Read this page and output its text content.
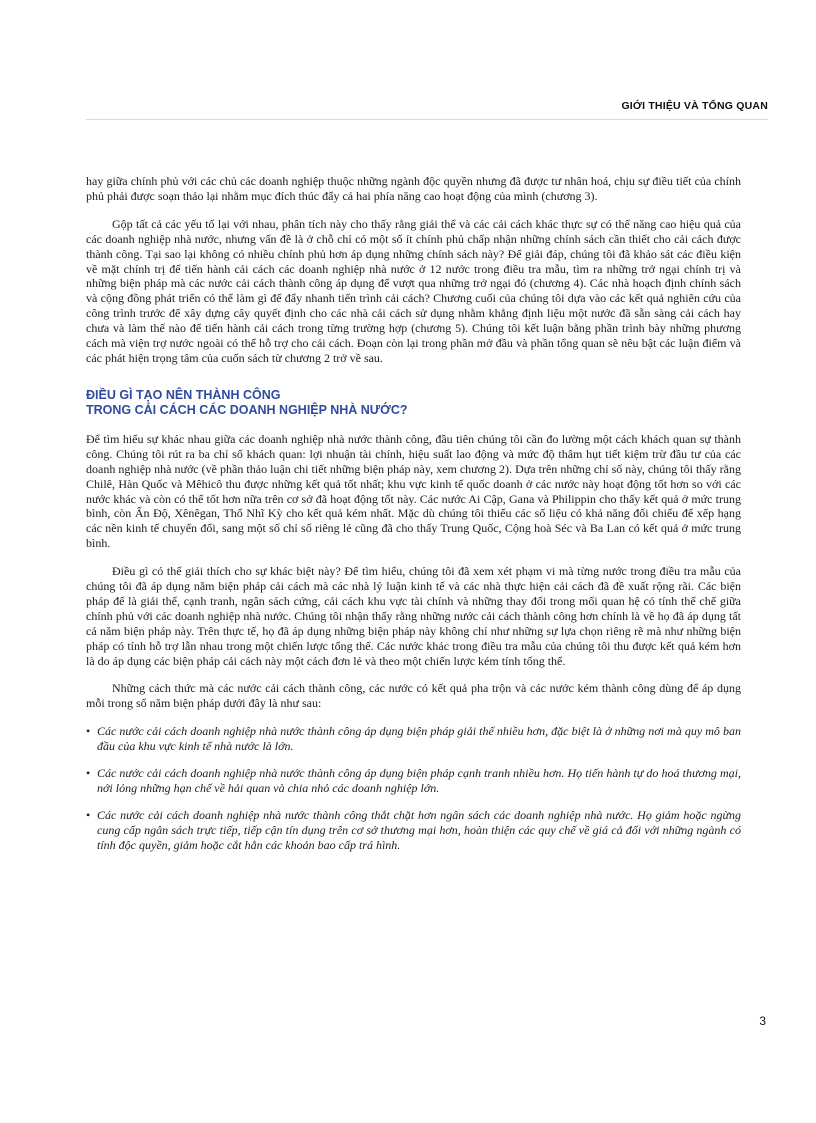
GIỚI THIỆU VÀ TỔNG QUAN

hay giữa chính phủ với các chủ các doanh nghiệp thuộc những ngành độc quyền nhưng đã được tư nhân hoá, chịu sự điều tiết của chính phủ phải được soạn thảo lại nhằm mục đích thúc đẩy cả hai phía năng cao hoạt động của mình (chương 3).

Gộp tất cả các yếu tố lại với nhau, phân tích này cho thấy rằng giải thể và các cải cách khác thực sự có thể năng cao hiệu quả của các doanh nghiệp nhà nước, nhưng vấn đề là ở chỗ chỉ có một số ít chính phủ chấp nhận những chính sách cần thiết cho cải cách được thành công. Tại sao lại không có nhiều chính phủ hơn áp dụng những chính sách này? Để giải đáp, chúng tôi đã khảo sát các điều kiện về mặt chính trị để tiến hành cải cách các doanh nghiệp nhà nước ở 12 nước trong điều tra mẫu, tìm ra những trở ngại chính trị và những biện pháp mà các nước cải cách thành công áp dụng để vượt qua những trở ngại đó (chương 4). Các nhà hoạch định chính sách và cộng đồng phát triển có thể làm gì để đẩy nhanh tiến trình cải cách? Chương cuối của chúng tôi dựa vào các kết quả nghiên cứu của công trình trước để xây dựng cây quyết định cho các nhà cải cách sử dụng nhằm khẳng định liệu một nước đã sẵn sàng cải cách hay chưa và làm thế nào để tiến hành cải cách trong từng trường hợp (chương 5). Chúng tôi kết luận bằng phần trình bày những phương cách mà viện trợ nước ngoài có thể hỗ trợ cho cải cách. Đoạn còn lại trong phần mở đầu và phần tổng quan sẽ nêu bật các luận điểm và các phát hiện trọng tâm của cuốn sách từ chương 2 trở về sau.

ĐIỀU GÌ TẠO NÊN THÀNH CÔNG
TRONG CẢI CÁCH CÁC DOANH NGHIỆP NHÀ NƯỚC?

Để tìm hiểu sự khác nhau giữa các doanh nghiệp nhà nước thành công, đầu tiên chúng tôi cần đo lường một cách khách quan sự thành công. Chúng tôi rút ra ba chỉ số khách quan: lợi nhuận tài chính, hiệu suất lao động và mức độ thâm hụt tiết kiệm trừ đầu tư của các doanh nghiệp nhà nước (về phần thảo luận chi tiết những biện pháp này, xem chương 2). Dựa trên những chỉ số này, chúng tôi thấy rằng Chilê, Hàn Quốc và Mêhicô thu được những kết quả tốt nhất; khu vực kinh tế quốc doanh ở các nước này hoạt động tốt hơn so với các nước khác và còn có thể tốt hơn nữa trên cơ sở đã hoạt động tốt này. Các nước Ai Cập, Gana và Philippin cho thấy kết quả ở mức trung bình, còn Ấn Độ, Xênêgan, Thổ Nhĩ Kỳ cho kết quả kém nhất. Mặc dù chúng tôi thiếu các số liệu có khả năng đối chiếu để xếp hạng các nền kinh tế chuyển đổi, sang một số chỉ số riêng lẻ cũng đã cho thấy Trung Quốc, Cộng hoà Séc và Ba Lan có kết quả ở mức trung bình.

Điều gì có thể giải thích cho sự khác biệt này? Để tìm hiểu, chúng tôi đã xem xét phạm vi mà từng nước trong điều tra mẫu của chúng tôi đã áp dụng năm biện pháp cải cách mà các nhà lý luận kinh tế và các nhà thực hiện cải cách đã đề xuất rộng rãi. Các biện pháp để là giải thể, cạnh tranh, ngân sách cứng, cải cách khu vực tài chính và những thay đổi trong mối quan hệ có tính thể chế giữa chính phủ với các doanh nghiệp nhà nước. Chúng tôi nhận thấy rằng những nước cải cách thành công hơn chính là về họ đã áp dụng tất cả năm biện pháp này. Trên thực tế, họ đã áp dụng những biện pháp này không chỉ như những sự lựa chọn riêng rẽ mà như những biện pháp có tính hỗ trợ lẫn nhau trong một chiến lược tổng thể. Các nước khác trong điều tra mẫu của chúng tôi thu được kết quả kém hơn là do áp dụng các biện pháp cải cách này một cách đơn lẻ và theo một chiến lược kém tính tổng thể.

Những cách thức mà các nước cải cách thành công, các nước có kết quả pha trộn và các nước kém thành công dùng để áp dụng mỗi trong số năm biện pháp dưới đây là như sau:

• Các nước cải cách doanh nghiệp nhà nước thành công áp dụng biện pháp giải thể nhiều hơn, đặc biệt là ở những nơi mà quy mô ban đầu của khu vực kinh tế nhà nước là lớn.
• Các nước cải cách doanh nghiệp nhà nước thành công áp dụng biện pháp cạnh tranh nhiều hơn. Họ tiến hành tự do hoá thương mại, nới lỏng những hạn chế về hải quan và chia nhỏ các doanh nghiệp lớn.
• Các nước cải cách doanh nghiệp nhà nước thành công thắt chặt hơn ngân sách các doanh nghiệp nhà nước. Họ giảm hoặc ngừng cung cấp ngân sách trực tiếp, tiếp cận tín dụng trên cơ sở thương mại hơn, hoàn thiện các quy chế về giá cả đối với những ngành có tính độc quyền, giảm hoặc cắt hẳn các khoản bao cấp trá hình.
3
